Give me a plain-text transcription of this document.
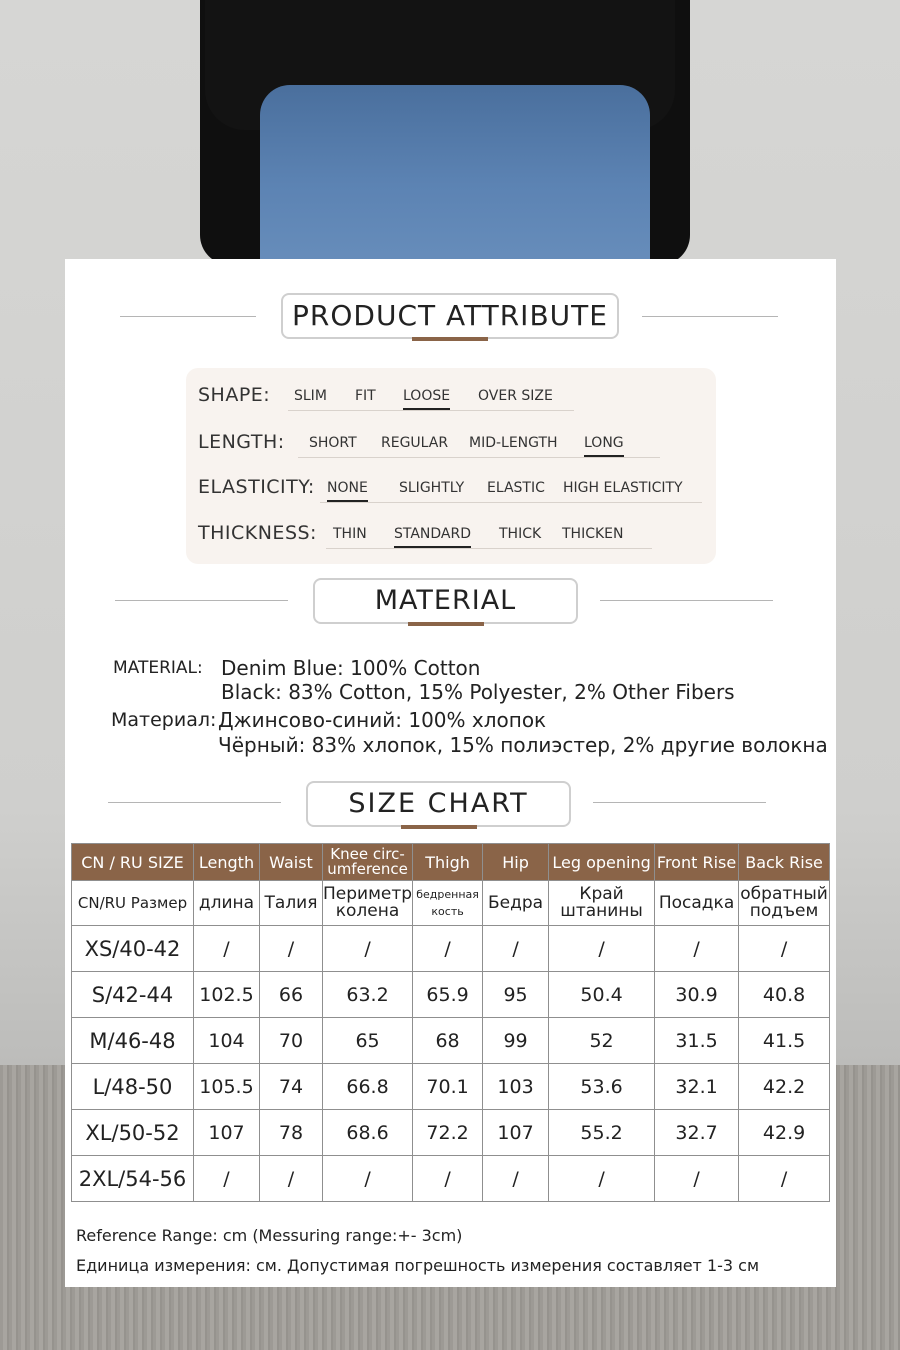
PRODUCT ATTRIBUTE
SHAPE: SLIM FIT LOOSE OVER SIZE
LENGTH: SHORT REGULAR MID-LENGTH LONG
ELASTICITY: NONE SLIGHTLY ELASTIC HIGH ELASTICITY
THICKNESS: THIN STANDARD THICK THICKEN
MATERIAL
MATERIAL: Denim Blue: 100% Cotton
Black: 83% Cotton, 15% Polyester, 2% Other Fibers
Материал: Джинсово-синий: 100% хлопок
Чёрный: 83% хлопок, 15% полиэстер, 2% другие волокна
SIZE CHART
CN / RU SIZE	Length	Waist	Knee circ-umference	Thigh	Hip	Leg opening	Front Rise	Back Rise
CN/RU Размер	длина	Талия	Периметр колена	бедренная кость	Бедра	Край штанины	Посадка	обратный подъем
XS/40-42	/	/	/	/	/	/	/	/
S/42-44	102.5	66	63.2	65.9	95	50.4	30.9	40.8
M/46-48	104	70	65	68	99	52	31.5	41.5
L/48-50	105.5	74	66.8	70.1	103	53.6	32.1	42.2
XL/50-52	107	78	68.6	72.2	107	55.2	32.7	42.9
2XL/54-56	/	/	/	/	/	/	/	/
Reference Range: cm (Messuring range:+- 3cm)
Единица измерения: см. Допустимая погрешность измерения составляет 1-3 см
